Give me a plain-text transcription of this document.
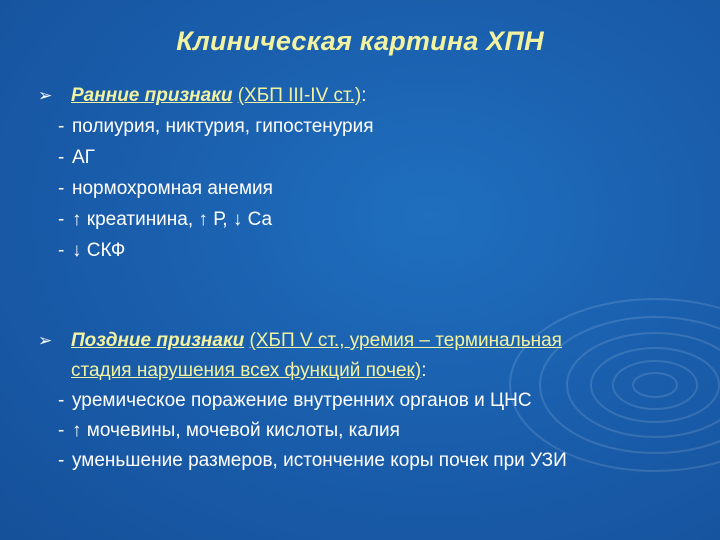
Клиническая картина ХПН
➢ Ранние признаки (ХБП III-IV ст.):
- полиурия, никтурия, гипостенурия
- АГ
- нормохромная анемия
- ↑ креатинина, ↑ Р, ↓ Са
- ↓ СКФ
➢ Поздние признаки (ХБП V ст., уремия – терминальная
стадия нарушения всех функций почек):
- уремическое поражение внутренних органов и ЦНС
- ↑ мочевины, мочевой кислоты, калия
- уменьшение размеров, истончение коры почек при УЗИ
